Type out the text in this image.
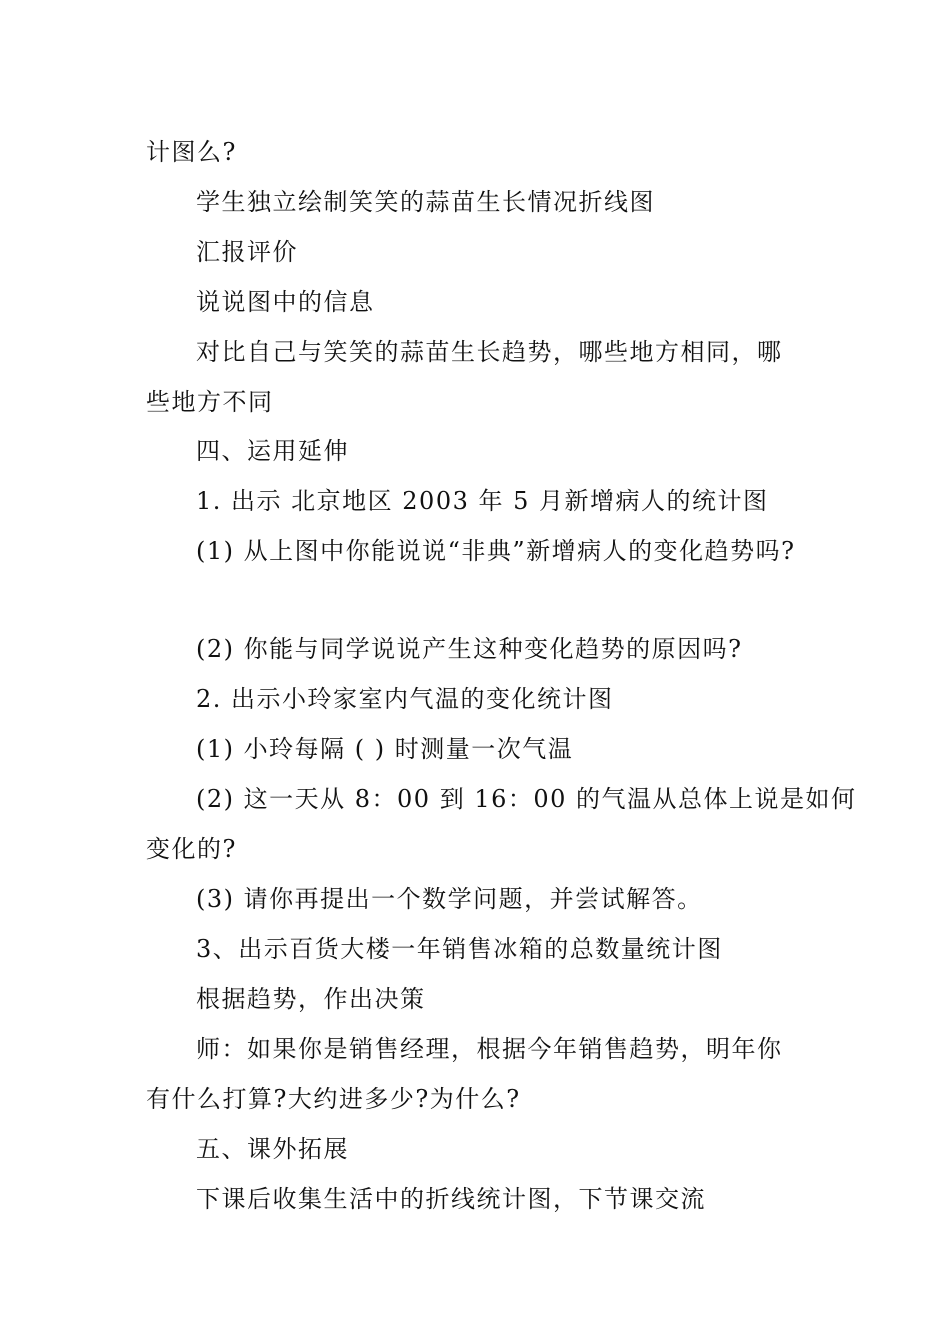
计图么?
学生独立绘制笑笑的蒜苗生长情况折线图
汇报评价
说说图中的信息
对比自己与笑笑的蒜苗生长趋势，哪些地方相同，哪
些地方不同
四、运用延伸
1. 出示 北京地区 2003 年 5 月新增病人的统计图
(1) 从上图中你能说说“非典”新增病人的变化趋势吗?
(2) 你能与同学说说产生这种变化趋势的原因吗?
2. 出示小玲家室内气温的变化统计图
(1) 小玲每隔 ( ) 时测量一次气温
(2) 这一天从 8：00 到 16：00 的气温从总体上说是如何
变化的?
(3) 请你再提出一个数学问题，并尝试解答。
3、出示百货大楼一年销售冰箱的总数量统计图
根据趋势，作出决策
师：如果你是销售经理，根据今年销售趋势，明年你
有什么打算?大约进多少?为什么?
五、课外拓展
下课后收集生活中的折线统计图，下节课交流
